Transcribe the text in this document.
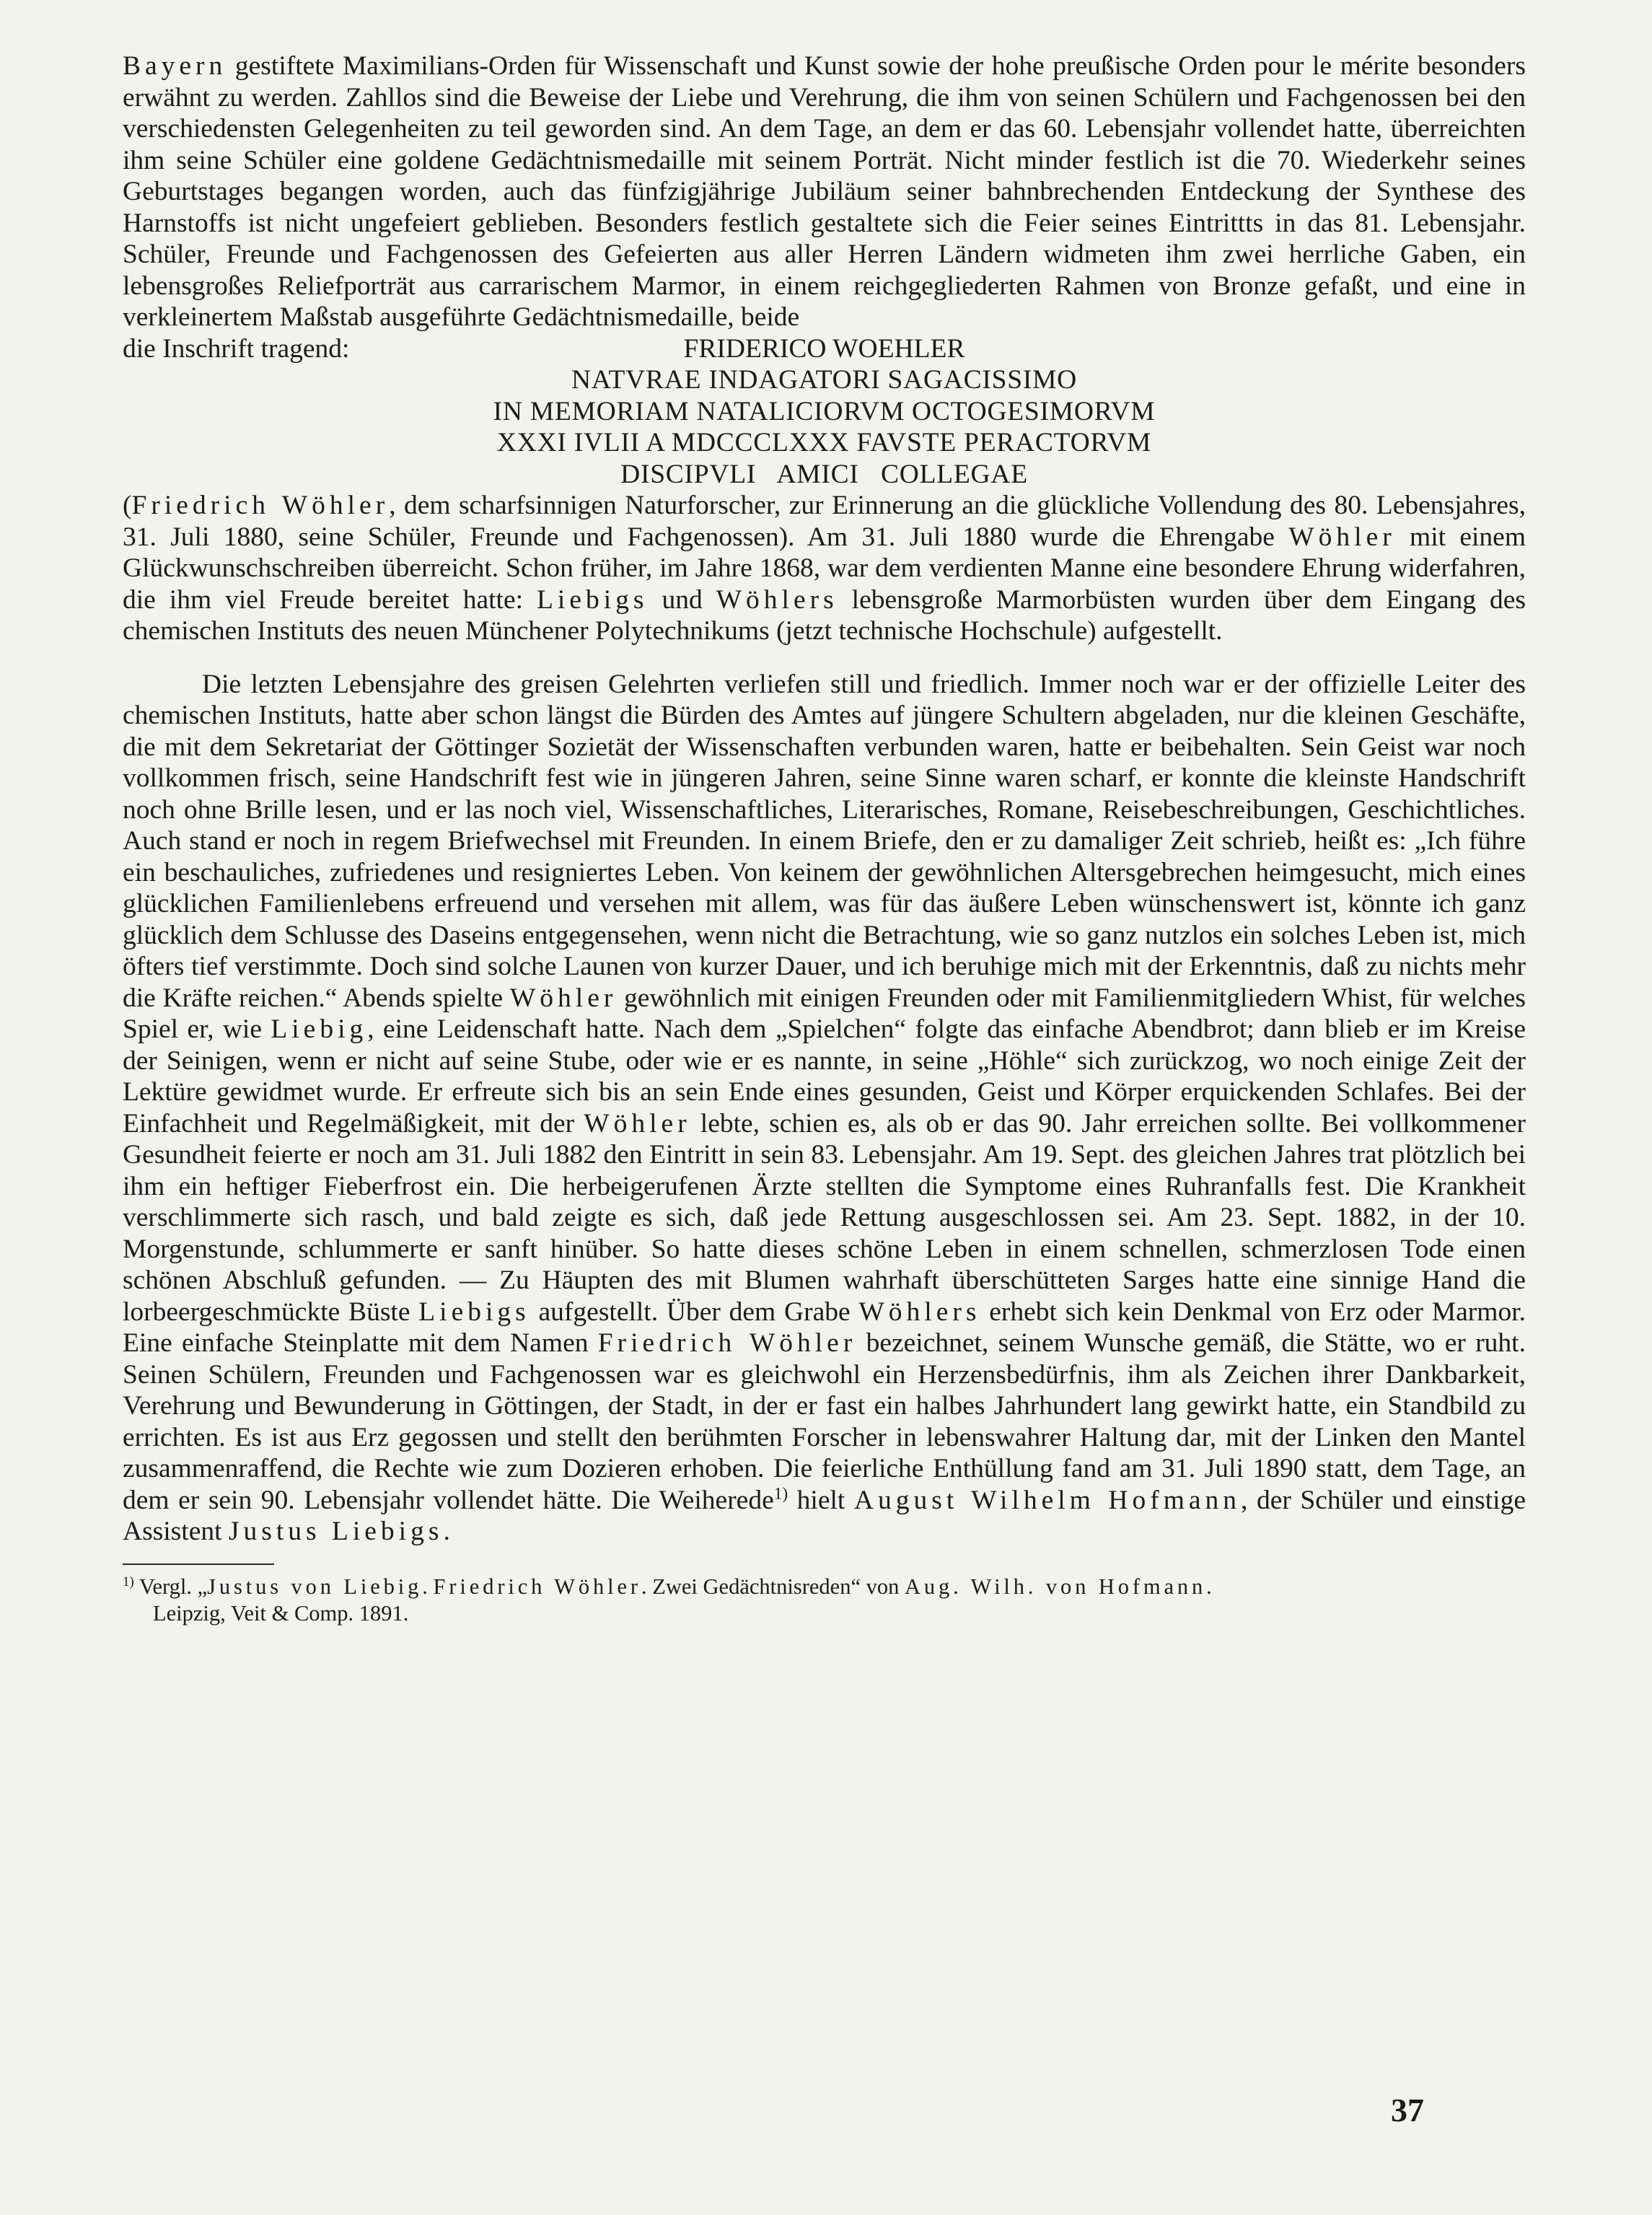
Bayern gestiftete Maximilians-Orden für Wissenschaft und Kunst sowie der hohe preußische Orden pour le mérite besonders erwähnt zu werden. Zahllos sind die Beweise der Liebe und Verehrung, die ihm von seinen Schülern und Fachgenossen bei den verschiedensten Gelegenheiten zu teil geworden sind. An dem Tage, an dem er das 60. Lebensjahr vollendet hatte, überreichten ihm seine Schüler eine goldene Gedächtnismedaille mit seinem Porträt. Nicht minder festlich ist die 70. Wiederkehr seines Geburtstages begangen worden, auch das fünfzigjährige Jubiläum seiner bahnbrechenden Entdeckung der Synthese des Harnstoffs ist nicht ungefeiert geblieben. Besonders festlich gestaltete sich die Feier seines Eintrittts in das 81. Lebensjahr. Schüler, Freunde und Fachgenossen des Gefeierten aus aller Herren Ländern widmeten ihm zwei herrliche Gaben, ein lebensgroßes Reliefporträt aus carrarischem Marmor, in einem reichgegliederten Rahmen von Bronze gefaßt, und eine in verkleinertem Maßstab ausgeführte Gedächtnismedaille, beide

die Inschrift tragend:	FRIDERICO WOEHLER
NATVRAE INDAGATORI SAGACISSIMO
IN MEMORIAM NATALICIORVM OCTOGESIMORVM
XXXI IVLII A MDCCCLXXX FAVSTE PERACTORVM
DISCIPVLI   AMICI   COLLEGAE

(Friedrich Wöhler, dem scharfsinnigen Naturforscher, zur Erinnerung an die glückliche Vollendung des 80. Lebensjahres, 31. Juli 1880, seine Schüler, Freunde und Fachgenossen). Am 31. Juli 1880 wurde die Ehrengabe Wöhler mit einem Glückwunschschreiben überreicht. Schon früher, im Jahre 1868, war dem verdienten Manne eine besondere Ehrung widerfahren, die ihm viel Freude bereitet hatte: Liebigs und Wöhlers lebensgroße Marmorbüsten wurden über dem Eingang des chemischen Instituts des neuen Münchener Polytechnikums (jetzt technische Hochschule) aufgestellt.

Die letzten Lebensjahre des greisen Gelehrten verliefen still und friedlich. Immer noch war er der offizielle Leiter des chemischen Instituts, hatte aber schon längst die Bürden des Amtes auf jüngere Schultern abgeladen, nur die kleinen Geschäfte, die mit dem Sekretariat der Göttinger Sozietät der Wissenschaften verbunden waren, hatte er beibehalten. Sein Geist war noch vollkommen frisch, seine Handschrift fest wie in jüngeren Jahren, seine Sinne waren scharf, er konnte die kleinste Handschrift noch ohne Brille lesen, und er las noch viel, Wissenschaftliches, Literarisches, Romane, Reisebeschreibungen, Geschichtliches. Auch stand er noch in regem Briefwechsel mit Freunden. In einem Briefe, den er zu damaliger Zeit schrieb, heißt es: „Ich führe ein beschauliches, zufriedenes und resigniertes Leben. Von keinem der gewöhnlichen Altersgebrechen heimgesucht, mich eines glücklichen Familienlebens erfreuend und versehen mit allem, was für das äußere Leben wünschenswert ist, könnte ich ganz glücklich dem Schlusse des Daseins entgegensehen, wenn nicht die Betrachtung, wie so ganz nutzlos ein solches Leben ist, mich öfters tief verstimmte. Doch sind solche Launen von kurzer Dauer, und ich beruhige mich mit der Erkenntnis, daß zu nichts mehr die Kräfte reichen.“ Abends spielte Wöhler gewöhnlich mit einigen Freunden oder mit Familienmitgliedern Whist, für welches Spiel er, wie Liebig, eine Leidenschaft hatte. Nach dem „Spielchen“ folgte das einfache Abendbrot; dann blieb er im Kreise der Seinigen, wenn er nicht auf seine Stube, oder wie er es nannte, in seine „Höhle“ sich zurückzog, wo noch einige Zeit der Lektüre gewidmet wurde. Er erfreute sich bis an sein Ende eines gesunden, Geist und Körper erquickenden Schlafes. Bei der Einfachheit und Regelmäßigkeit, mit der Wöhler lebte, schien es, als ob er das 90. Jahr erreichen sollte. Bei vollkommener Gesundheit feierte er noch am 31. Juli 1882 den Eintritt in sein 83. Lebensjahr. Am 19. Sept. des gleichen Jahres trat plötzlich bei ihm ein heftiger Fieberfrost ein. Die herbeigerufenen Ärzte stellten die Symptome eines Ruhranfalls fest. Die Krankheit verschlimmerte sich rasch, und bald zeigte es sich, daß jede Rettung ausgeschlossen sei. Am 23. Sept. 1882, in der 10. Morgenstunde, schlummerte er sanft hinüber. So hatte dieses schöne Leben in einem schnellen, schmerzlosen Tode einen schönen Abschluß gefunden. — Zu Häupten des mit Blumen wahrhaft überschütteten Sarges hatte eine sinnige Hand die lorbeergeschmückte Büste Liebigs aufgestellt. Über dem Grabe Wöhlers erhebt sich kein Denkmal von Erz oder Marmor. Eine einfache Steinplatte mit dem Namen Friedrich Wöhler bezeichnet, seinem Wunsche gemäß, die Stätte, wo er ruht. Seinen Schülern, Freunden und Fachgenossen war es gleichwohl ein Herzensbedürfnis, ihm als Zeichen ihrer Dankbarkeit, Verehrung und Bewunderung in Göttingen, der Stadt, in der er fast ein halbes Jahrhundert lang gewirkt hatte, ein Standbild zu errichten. Es ist aus Erz gegossen und stellt den berühmten Forscher in lebenswahrer Haltung dar, mit der Linken den Mantel zusammenraffend, die Rechte wie zum Dozieren erhoben. Die feierliche Enthüllung fand am 31. Juli 1890 statt, dem Tage, an dem er sein 90. Lebensjahr vollendet hätte. Die Weiherede$^{1)}$ hielt August Wilhelm Hofmann, der Schüler und einstige Assistent Justus Liebigs.

$^{1)}$ Vergl. „Justus von Liebig. Friedrich Wöhler. Zwei Gedächtnisreden“ von Aug. Wilh. von Hofmann.
Leipzig, Veit & Comp. 1891.
37
